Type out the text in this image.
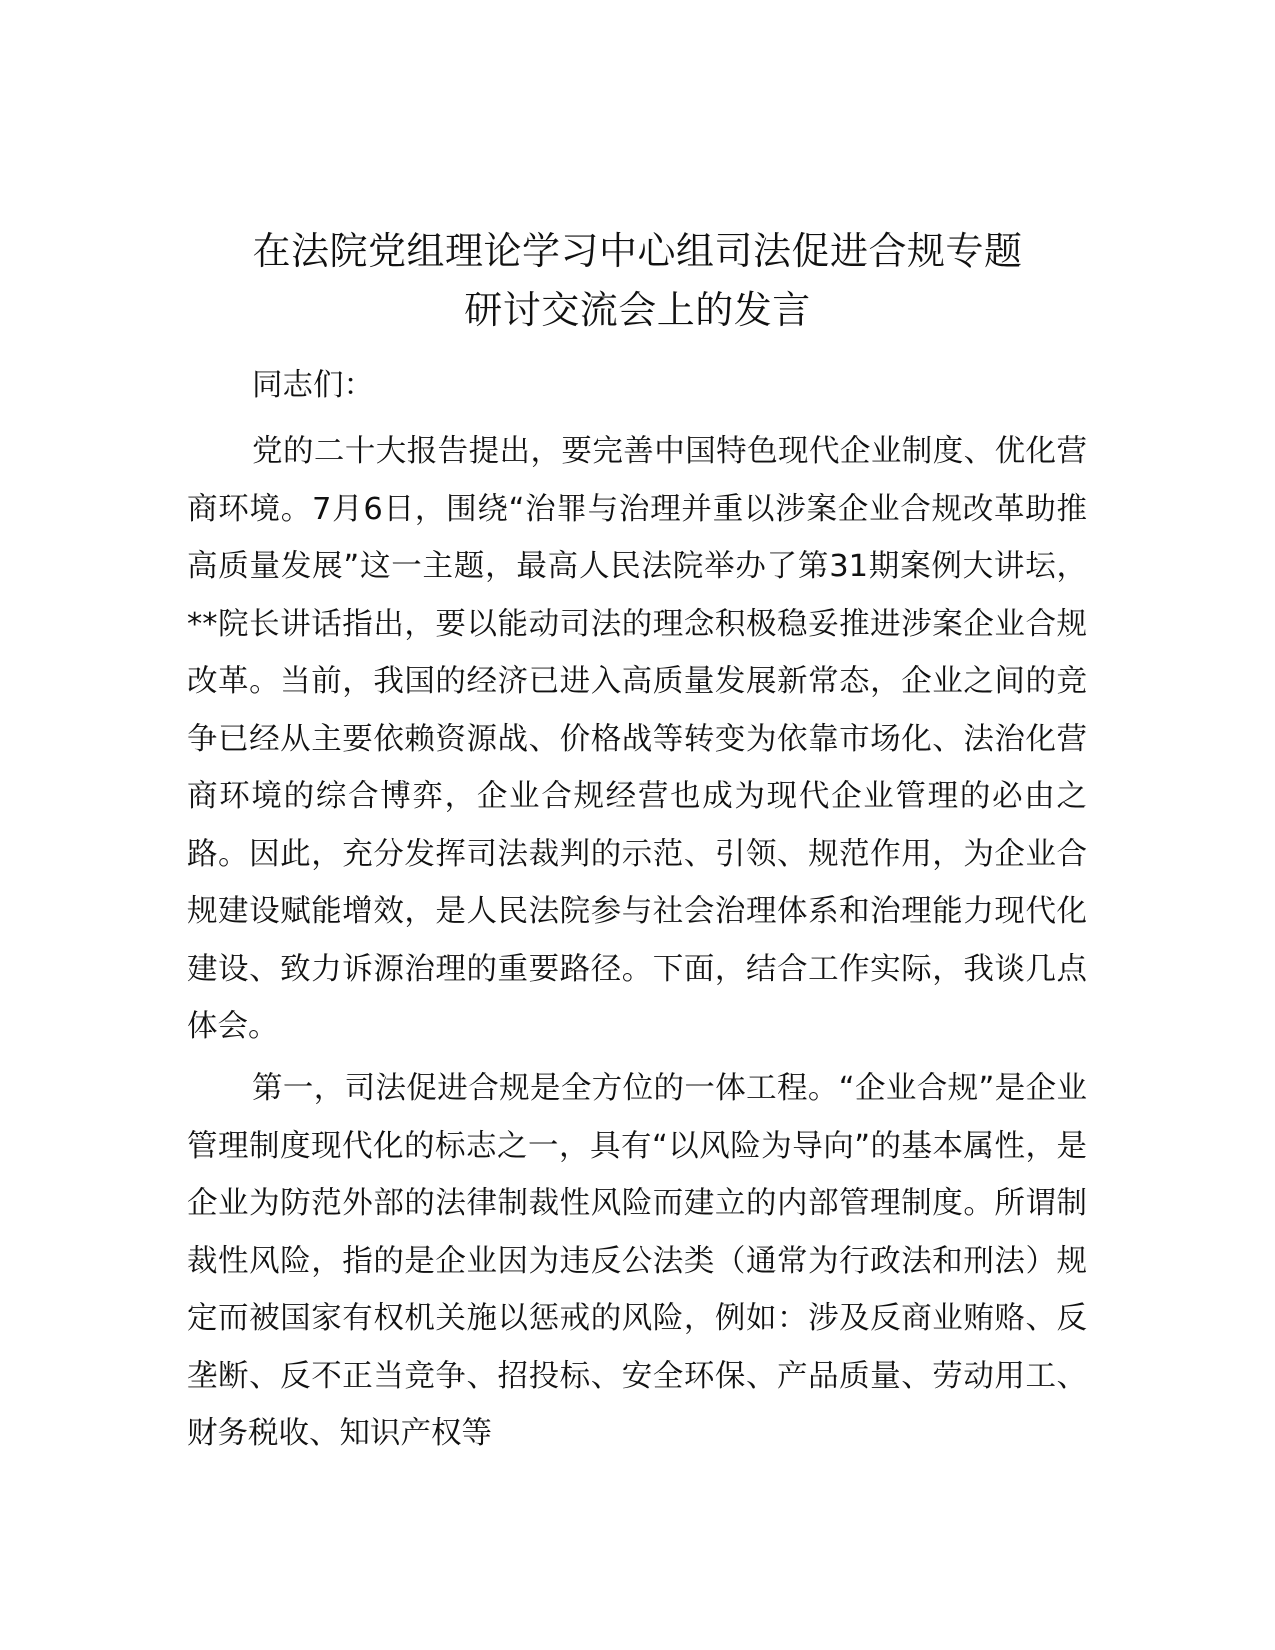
在法院党组理论学习中心组司法促进合规专题
研讨交流会上的发言

同志们：

党的二十大报告提出，要完善中国特色现代企业制度、优化营商环境。7月6日，围绕“治罪与治理并重以涉案企业合规改革助推高质量发展”这一主题，最高人民法院举办了第31期案例大讲坛，**院长讲话指出，要以能动司法的理念积极稳妥推进涉案企业合规改革。当前，我国的经济已进入高质量发展新常态，企业之间的竞争已经从主要依赖资源战、价格战等转变为依靠市场化、法治化营商环境的综合博弈，企业合规经营也成为现代企业管理的必由之路。因此，充分发挥司法裁判的示范、引领、规范作用，为企业合规建设赋能增效，是人民法院参与社会治理体系和治理能力现代化建设、致力诉源治理的重要路径。下面，结合工作实际，我谈几点体会。

第一，司法促进合规是全方位的一体工程。“企业合规”是企业管理制度现代化的标志之一，具有“以风险为导向”的基本属性，是企业为防范外部的法律制裁性风险而建立的内部管理制度。所谓制裁性风险，指的是企业因为违反公法类（通常为行政法和刑法）规定而被国家有权机关施以惩戒的风险，例如：涉及反商业贿赂、反垄断、反不正当竞争、招投标、安全环保、产品质量、劳动用工、财务税收、知识产权等
